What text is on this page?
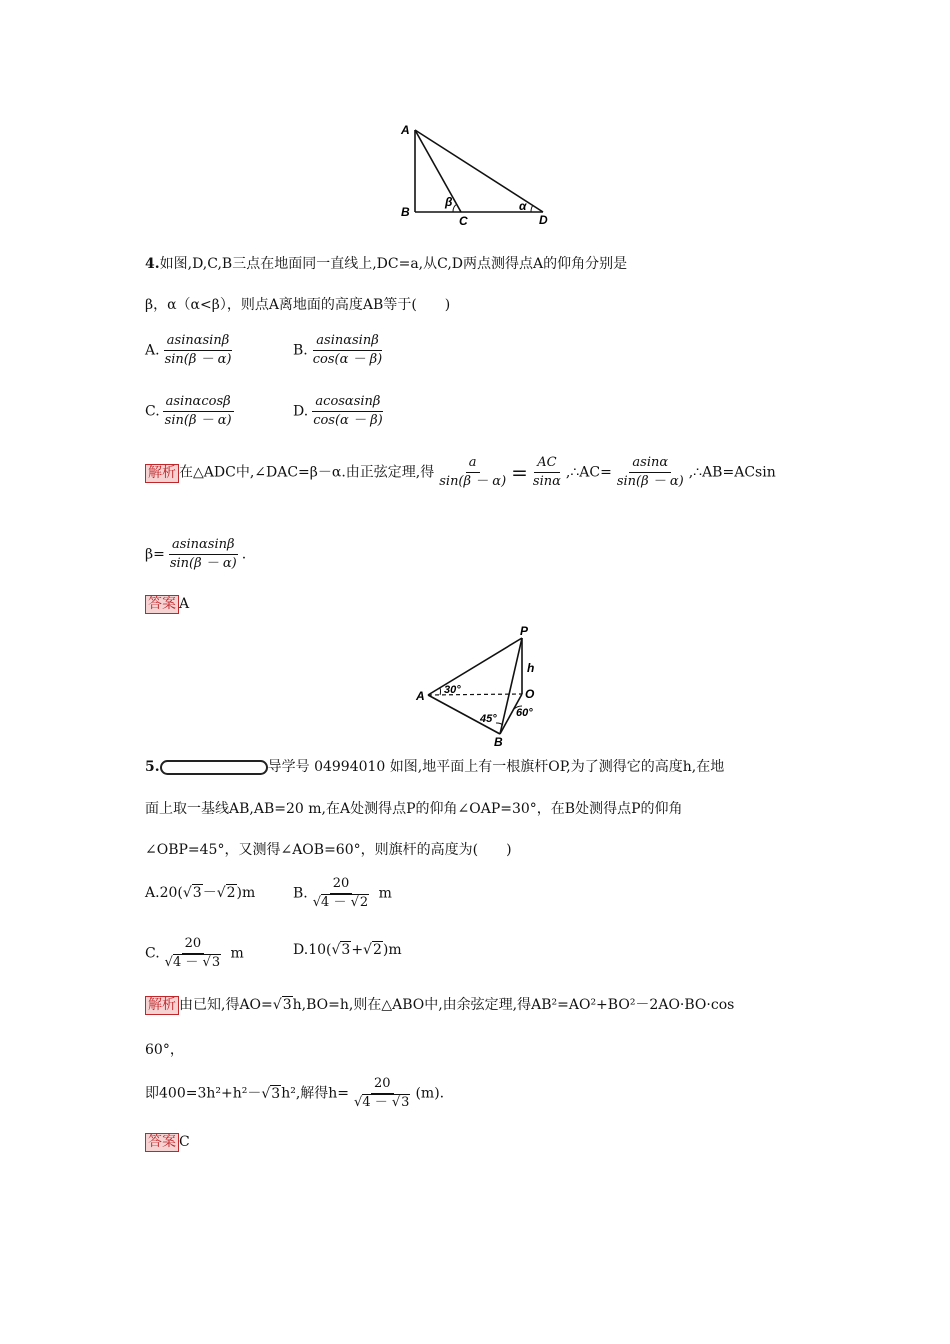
A
B
C	D
β	α
4.如图,D,C,B三点在地面同一直线上,DC=a,从C,D两点测得点A的仰角分别是
β，α（α<β），则点A离地面的高度AB等于(　　)
A. $\frac{asin\alpha\sin\beta}{\sin(\beta - \alpha)}$	B. $\frac{asin\alpha\sin\beta}{\cos(\alpha - \beta)}$
C. $\frac{asin\alpha\cos\beta}{\sin(\beta - \alpha)}$	D. $\frac{acos\alpha\sin\beta}{\cos(\alpha - \beta)}$
解析 在△ADC中,∠DAC=β－α.由正弦定理,得 $\frac{a}{\sin(\beta - \alpha)} = \frac{AC}{\sin\alpha}$ ,∴AC= $\frac{asin\alpha}{\sin(\beta - \alpha)}$ ,∴AB=ACsin
$\beta= \frac{asin\alpha\sin\beta}{\sin(\beta - \alpha)}$ .
答案 A
P
h
A	O
B
30°
45° 60°
5.	导学号 04994010 如图,地平面上有一根旗杆OP,为了测得它的高度h,在地
面上取一基线AB,AB=20 m,在A处测得点P的仰角∠OAP=30°，在B处测得点P的仰角
∠OBP=45°，又测得∠AOB=60°，则旗杆的高度为(　　)
A.20(√3－√2)m	B. $\frac{20}{√4 - √2}$ m
C. $\frac{20}{√4 - √3}$ m	D.10(√3+√2)m
解析 由已知,得AO=√3h,BO=h,则在△ABO中,由余弦定理,得AB²=AO²+BO²－2AO·BO·cos
60°，
即400=3h²+h²－√3h²,解得$h= \frac{20}{√4 - √3} (m)$.
答案 C
